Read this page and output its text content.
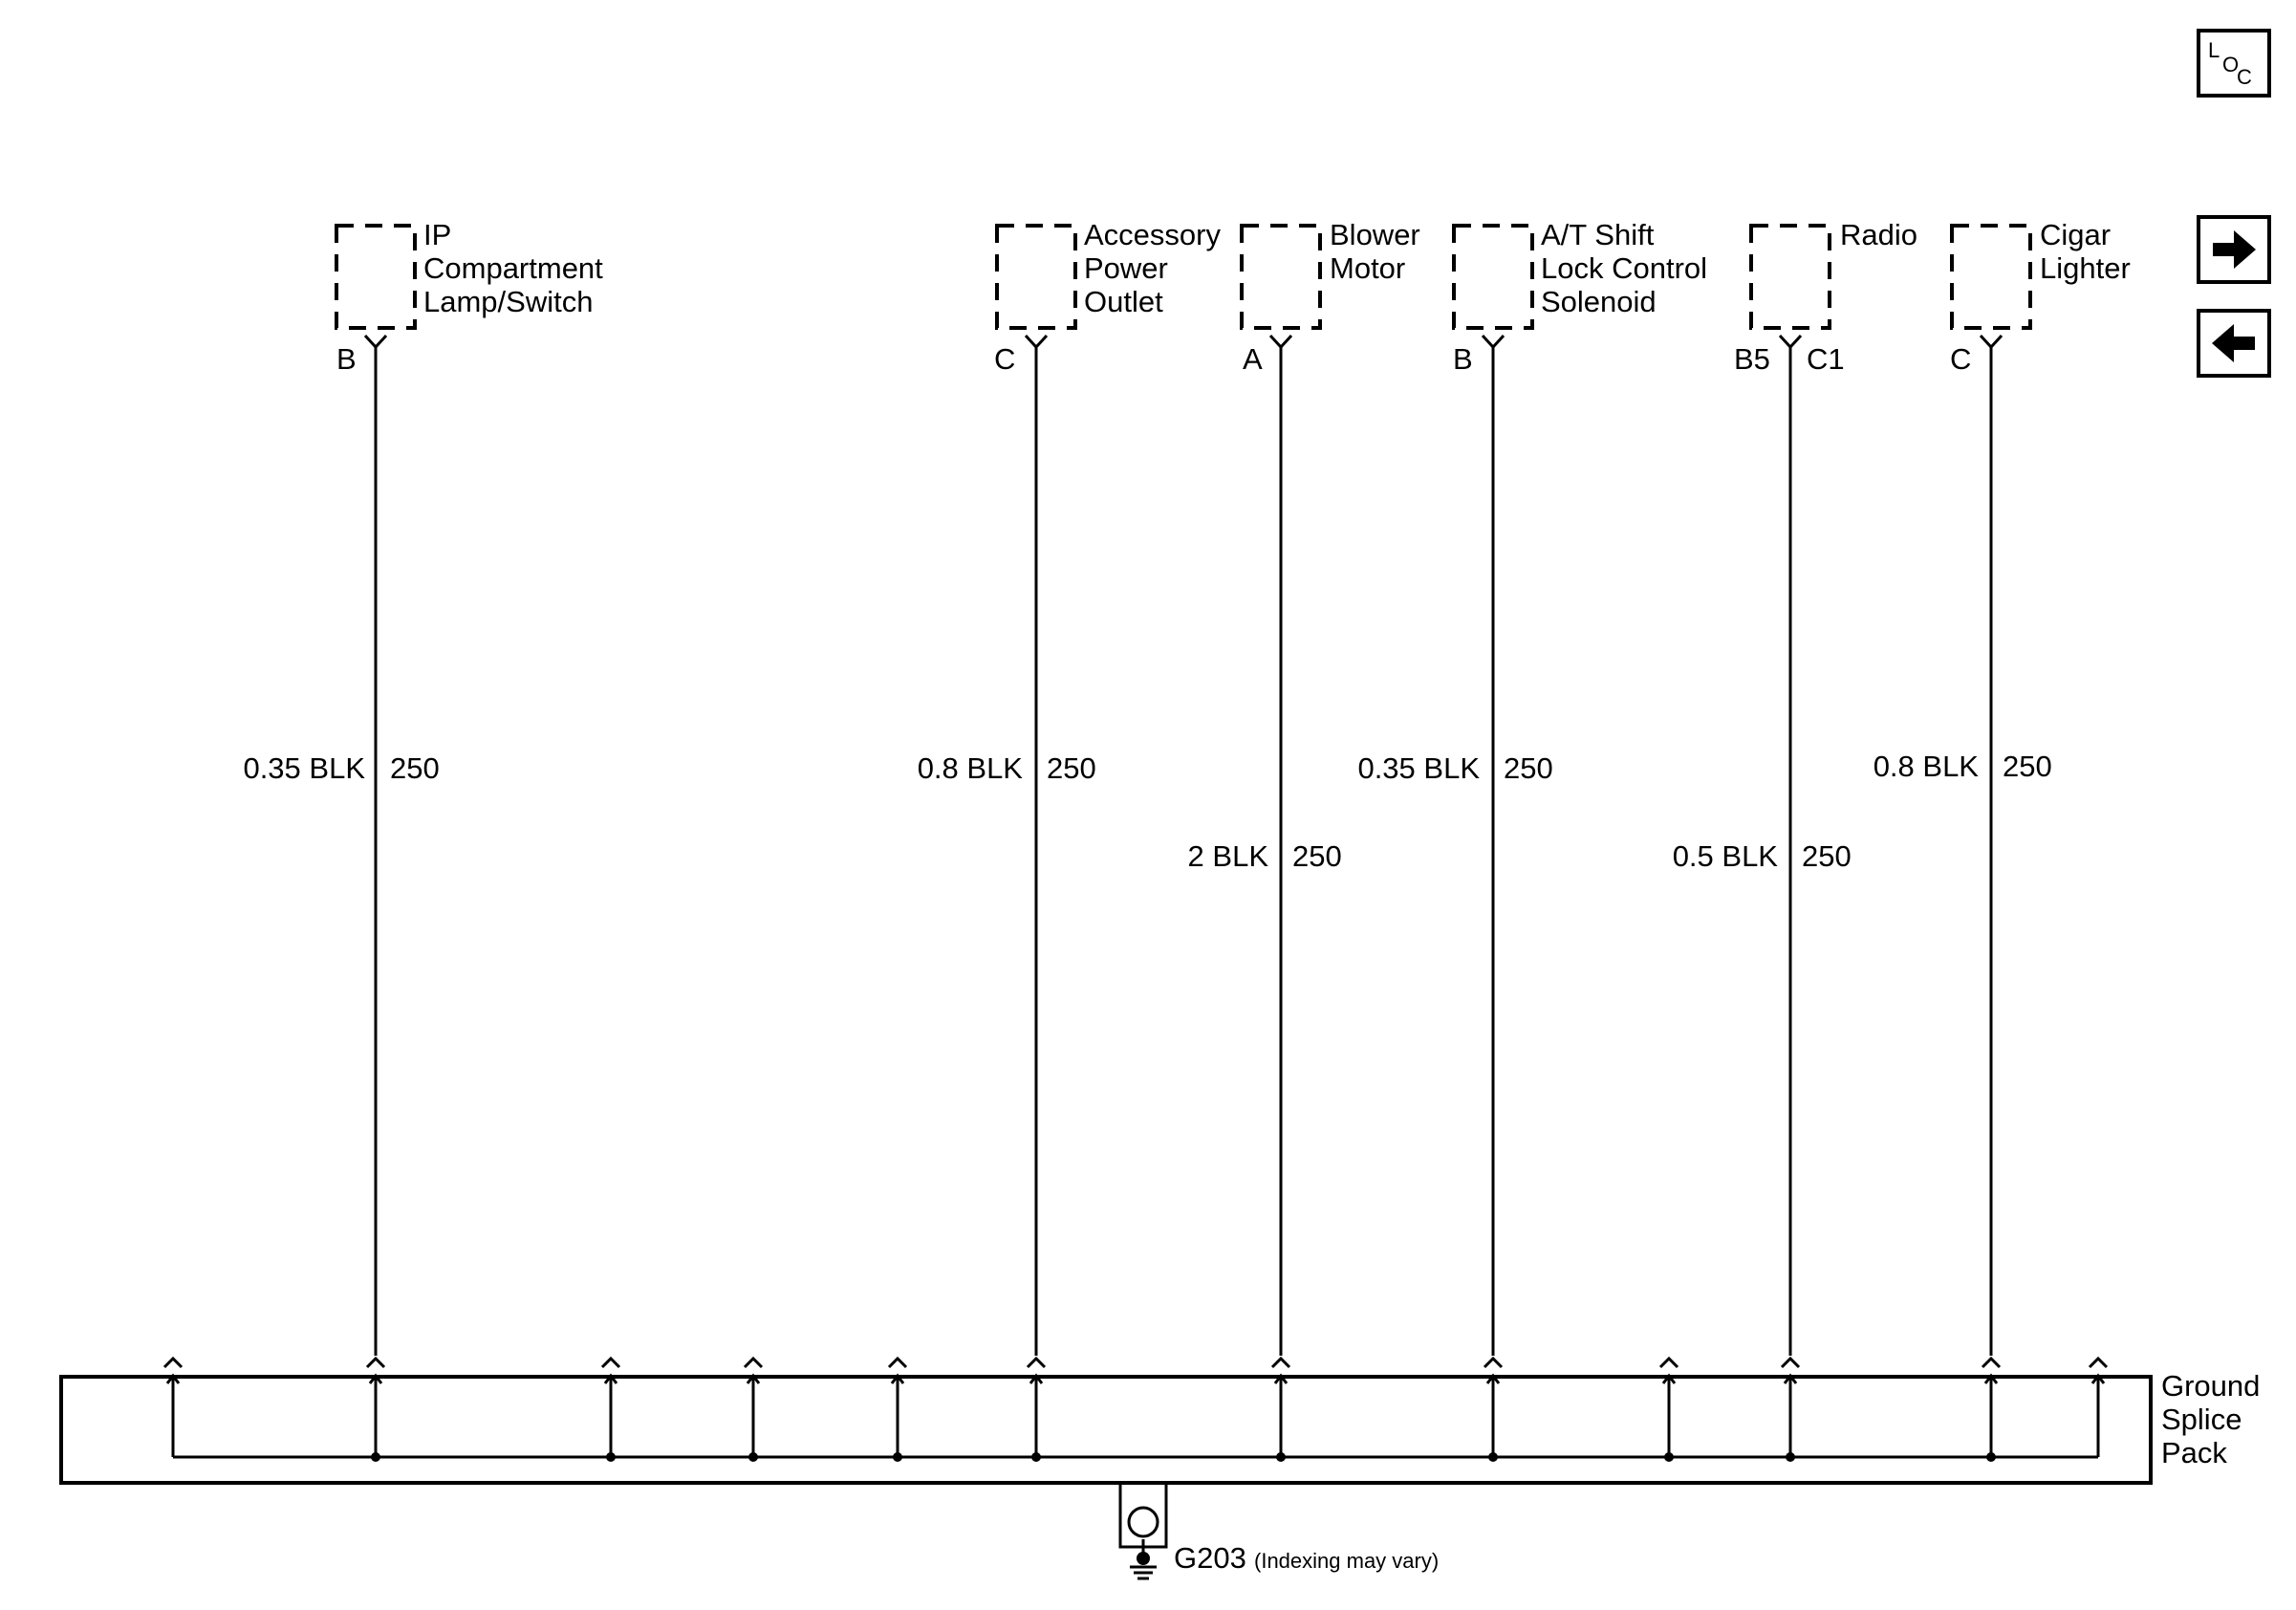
L
O
C
IP
Compartment
Lamp/Switch
Accessory
Power
Outlet
Blower
Motor
A/T Shift
Lock Control
Solenoid
Radio	Cigar
Lighter
B	C	A	B	B5 C1	C
0.35 BLK 250	0.8 BLK 250
2 BLK 250
0.35 BLK 250
0.5 BLK 250
0.8 BLK 250
Ground
Splice
Pack
G203 (Indexing may vary)
